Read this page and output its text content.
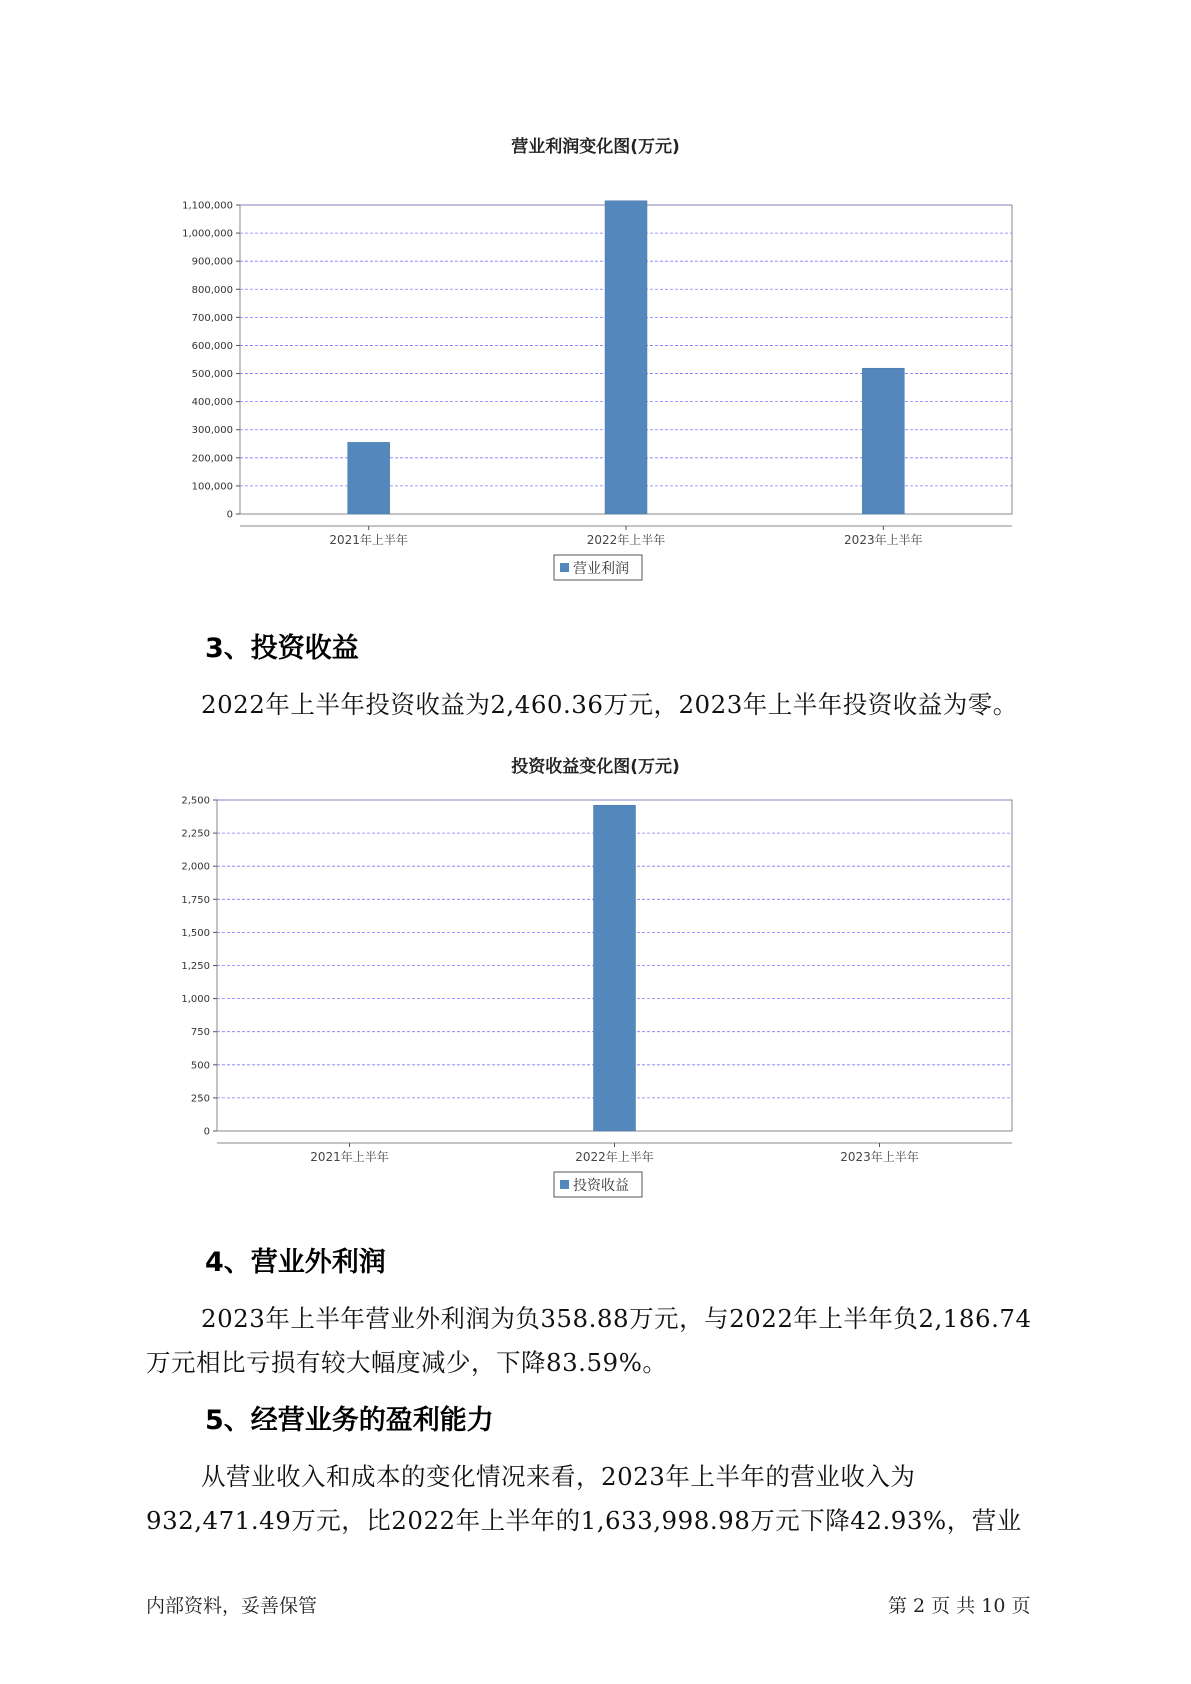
营业利润变化图(万元)
0
100,000
200,000
300,000
400,000
500,000
600,000
700,000
800,000
900,000
1,000,000
1,100,000
2021年上半年	2022年上半年	2023年上半年
营业利润
3、投资收益

2022年上半年投资收益为2,460.36万元，2023年上半年投资收益为零。

投资收益变化图(万元)
0
250
500
750
1,000
1,250
1,500
1,750
2,000
2,250
2,500
2021年上半年	2022年上半年	2023年上半年
投资收益
4、营业外利润

2023年上半年营业外利润为负358.88万元，与2022年上半年负2,186.74
万元相比亏损有较大幅度减少，下降83.59%。

5、经营业务的盈利能力

从营业收入和成本的变化情况来看，2023年上半年的营业收入为
932,471.49万元，比2022年上半年的1,633,998.98万元下降42.93%，营业

内部资料，妥善保管	第 2 页 共 10 页
